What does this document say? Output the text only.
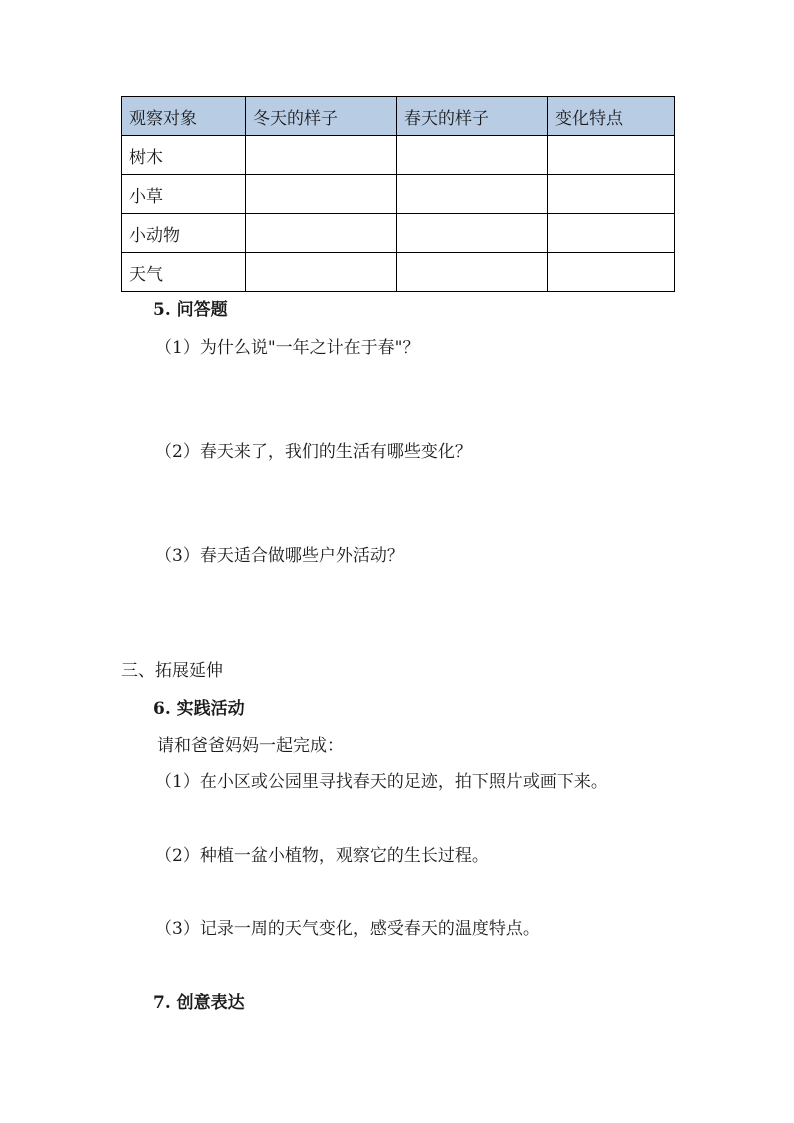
观察对象	冬天的样子	春天的样子	变化特点
树木			
小草			
小动物			
天气			
5. 问答题
（1）为什么说"一年之计在于春"？
（2）春天来了，我们的生活有哪些变化？
（3）春天适合做哪些户外活动？
三、拓展延伸
6. 实践活动
请和爸爸妈妈一起完成：
（1）在小区或公园里寻找春天的足迹，拍下照片或画下来。
（2）种植一盆小植物，观察它的生长过程。
（3）记录一周的天气变化，感受春天的温度特点。
7. 创意表达
